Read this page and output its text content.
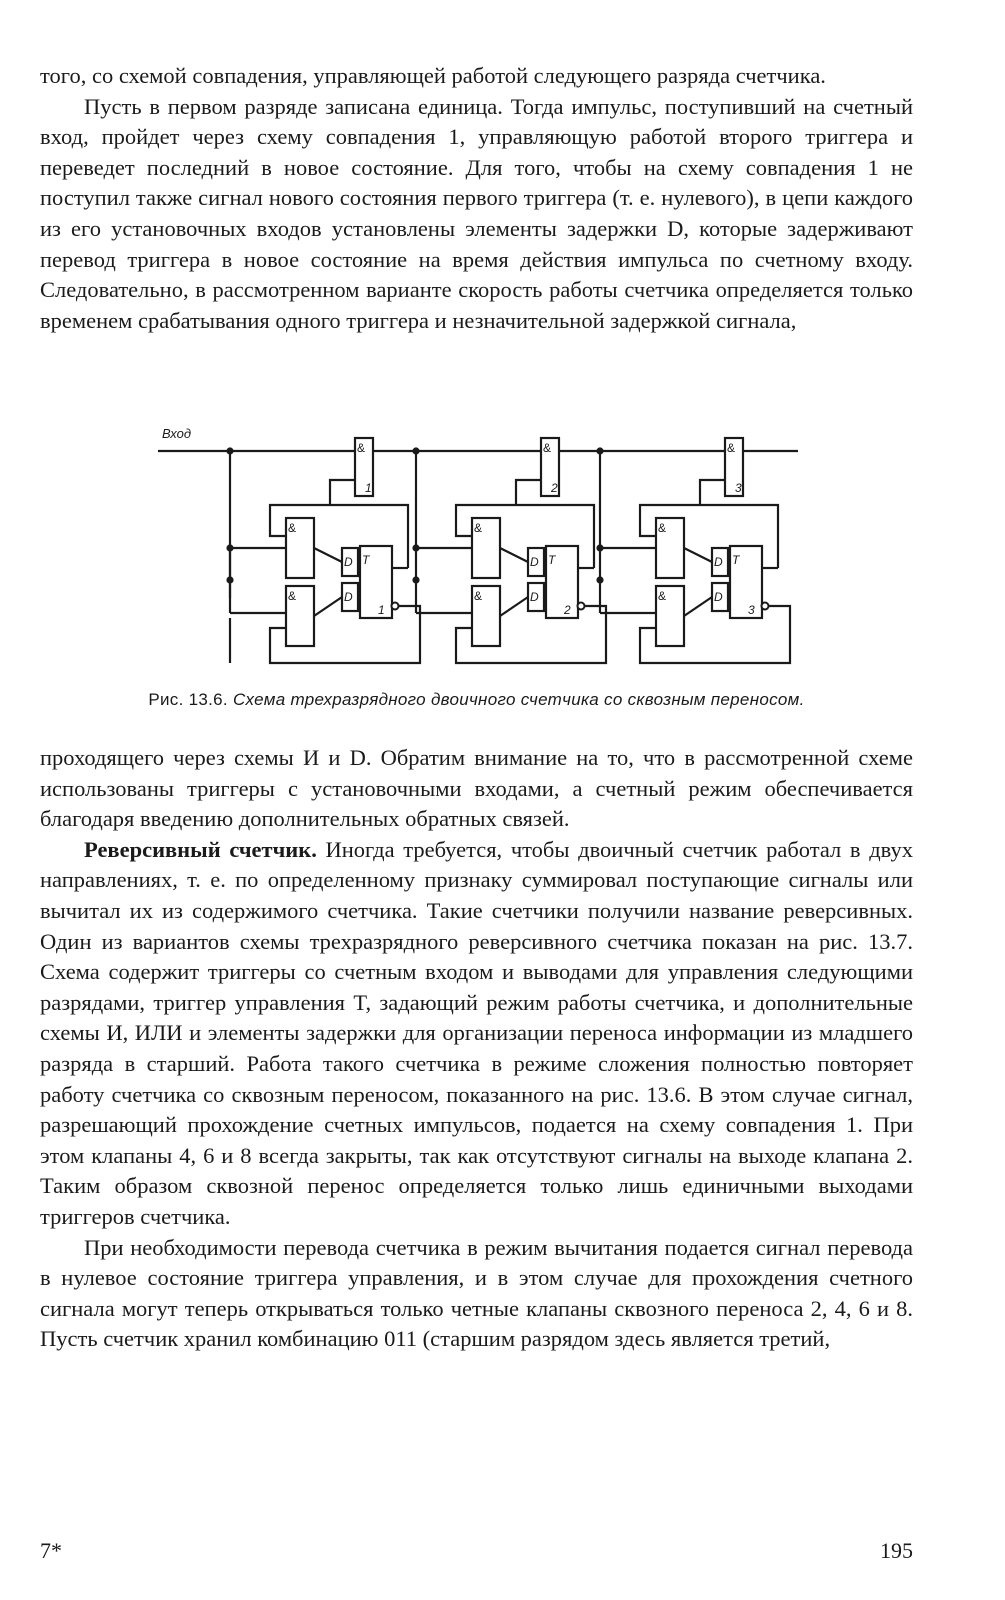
того, со схемой совпадения, управляющей работой следующего разряда счетчика.

Пусть в первом разряде записана единица. Тогда импульс, поступивший на счетный вход, пройдет через схему совпадения 1, управляющую работой второго триггера и переведет последний в новое состояние. Для того, чтобы на схему совпадения 1 не поступил также сигнал нового состояния первого триггера (т. е. нулевого), в цепи каждого из его установочных входов установлены элементы задержки D, которые задерживают перевод триггера в новое состояние на время действия импульса по счетному входу. Следовательно, в рассмотренном варианте скорость работы счетчика определяется только временем срабатывания одного триггера и незначительной задержкой сигнала,

Вход
&
1
&
&
D
D
T
1
&
2
&
&
D
D
T
2
&
3
&
&
D
D
T
3
Рис. 13.6. Схема трехразрядного двоичного счетчика со сквозным переносом.

проходящего через схемы И и D. Обратим внимание на то, что в рассмотренной схеме использованы триггеры с установочными входами, а счетный режим обеспечивается благодаря введению дополнительных обратных связей.

Реверсивный счетчик. Иногда требуется, чтобы двоичный счетчик работал в двух направлениях, т. е. по определенному признаку суммировал поступающие сигналы или вычитал их из содержимого счетчика. Такие счетчики получили название реверсивных. Один из вариантов схемы трехразрядного реверсивного счетчика показан на рис. 13.7. Схема содержит триггеры со счетным входом и выводами для управления следующими разрядами, триггер управления T, задающий режим работы счетчика, и дополнительные схемы И, ИЛИ и элементы задержки для организации переноса информации из младшего разряда в старший. Работа такого счетчика в режиме сложения полностью повторяет работу счетчика со сквозным переносом, показанного на рис. 13.6. В этом случае сигнал, разрешающий прохождение счетных импульсов, подается на схему совпадения 1. При этом клапаны 4, 6 и 8 всегда закрыты, так как отсутствуют сигналы на выходе клапана 2. Таким образом сквозной перенос определяется только лишь единичными выходами триггеров счетчика.

При необходимости перевода счетчика в режим вычитания подается сигнал перевода в нулевое состояние триггера управления, и в этом случае для прохождения счетного сигнала могут теперь открываться только четные клапаны сквозного переноса 2, 4, 6 и 8. Пусть счетчик хранил комбинацию 011 (старшим разрядом здесь является третий,

7*	195
